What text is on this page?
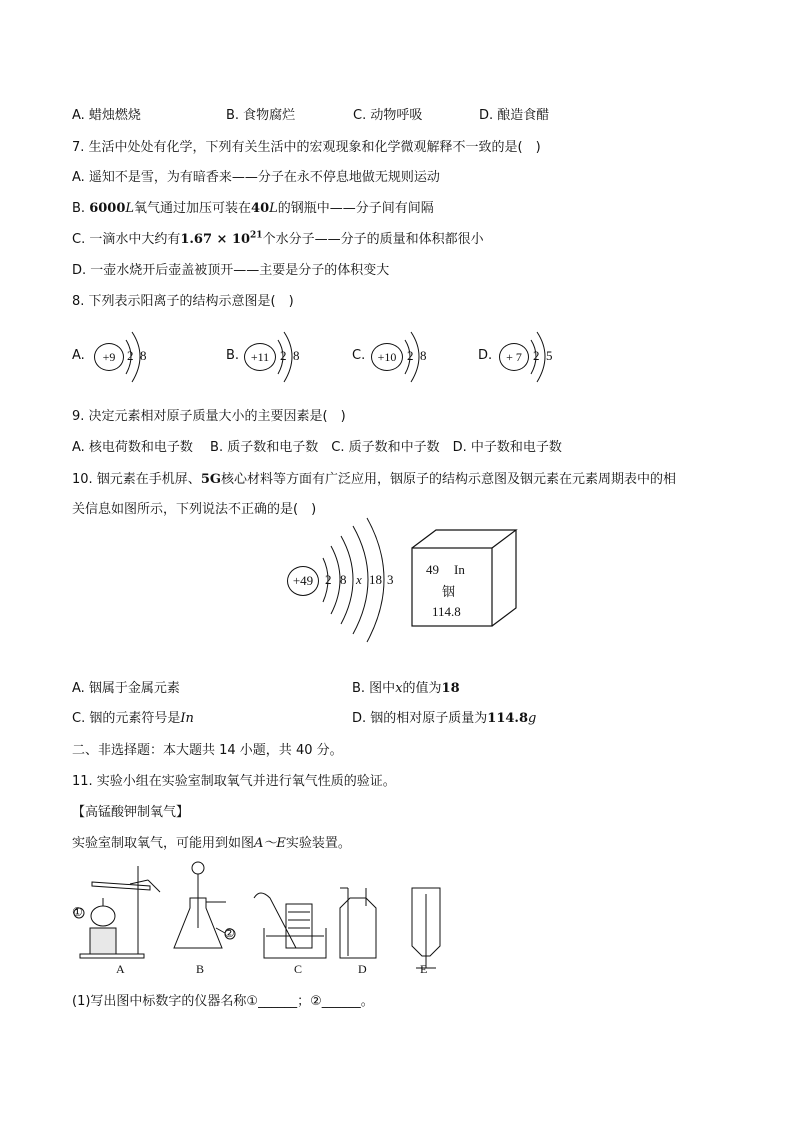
A. 蜡烛燃烧	B. 食物腐烂	C. 动物呼吸	D. 酿造食醋
7. 生活中处处有化学，下列有关生活中的宏观现象和化学微观解释不一致的是(　)
A. 遥知不是雪，为有暗香来——分子在永不停息地做无规则运动
B. 6000L氧气通过加压可装在40L的钢瓶中——分子间有间隔
C. 一滴水中大约有$1.67 \times 10^{21}$个水分子——分子的质量和体积都很小
D. 一壶水烧开后壶盖被顶开——主要是分子的体积变大
8. 下列表示阳离子的结构示意图是(　)
A.	+9 2 8	B. +11 2 8	C.	+10 2 8	D.	+ 7 2 5
9. 决定元素相对原子质量大小的主要因素是(　)
A. 核电荷数和电子数　 B. 质子数和电子数　C. 质子数和中子数　D. 中子数和电子数
10. 铟元素在手机屏、5G核心材料等方面有广泛应用，铟原子的结构示意图及铟元素在元素周期表中的相
关信息如图所示，下列说法不正确的是(　)
+49 2 8 x 18 3
49 In
铟
114.8
A. 铟属于金属元素	B. 图中x的值为18
C. 铟的元素符号是In	D. 铟的相对原子质量为114.8g
二、非选择题：本大题共 14 小题，共 40 分。
11. 实验小组在实验室制取氧气并进行氧气性质的验证。
【高锰酸钾制氧气】
实验室制取氧气，可能用到如图A～E实验装置。
①
②
A	B	C	D	E
(1)写出图中标数字的仪器名称①______；②______。
